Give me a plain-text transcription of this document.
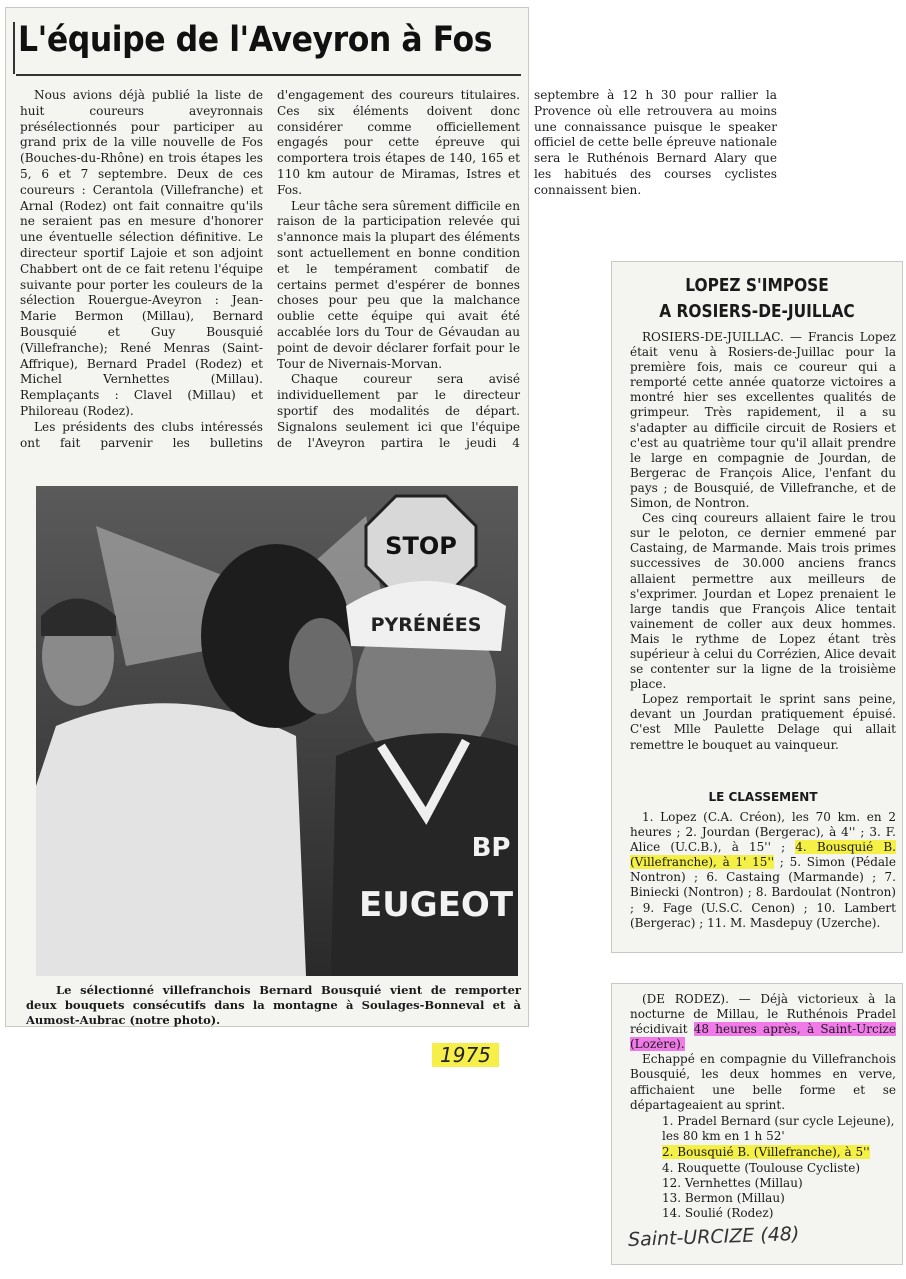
L'équipe de l'Aveyron à Fos

Nous avions déjà publié la liste de huit coureurs aveyronnais présélectionnés pour participer au grand prix de la ville nouvelle de Fos (Bouches-du-Rhône) en trois étapes les 5, 6 et 7 septembre. Deux de ces coureurs : Cerantola (Villefranche) et Arnal (Rodez) ont fait connaitre qu'ils ne seraient pas en mesure d'honorer une éventuelle sélection définitive. Le directeur sportif Lajoie et son adjoint Chabbert ont de ce fait retenu l'équipe suivante pour porter les couleurs de la sélection Rouergue-Aveyron : Jean-Marie Bermon (Millau), Bernard Bousquié et Guy Bousquié (Villefranche); René Menras (Saint-Affrique), Bernard Pradel (Rodez) et Michel Vernhettes (Millau). Remplaçants : Clavel (Millau) et Philoreau (Rodez).

Les présidents des clubs intéressés ont fait parvenir les bulletins d'engagement des coureurs titulaires. Ces six éléments doivent donc considérer comme officiellement engagés pour cette épreuve qui comportera trois étapes de 140, 165 et 110 km autour de Miramas, Istres et Fos.

Leur tâche sera sûrement difficile en raison de la participation relevée qui s'annonce mais la plupart des éléments sont actuellement en bonne condition et le tempérament combatif de certains permet d'espérer de bonnes choses pour peu que la malchance oublie cette équipe qui avait été accablée lors du Tour de Gévaudan au point de devoir déclarer forfait pour le Tour de Nivernais-Morvan.

Chaque coureur sera avisé individuellement par le directeur sportif des modalités de départ. Signalons seulement ici que l'équipe de l'Aveyron partira le jeudi 4 septembre à 12 h 30 pour rallier la Provence où elle retrouvera au moins une connaissance puisque le speaker officiel de cette belle épreuve nationale sera le Ruthénois Bernard Alary que les habitués des courses cyclistes connaissent bien.

STOP
PYRÉNÉES
BP
EUGEOT

Le sélectionné villefranchois Bernard Bousquié vient de remporter deux bouquets consécutifs dans la montagne à Soulages-Bonneval et à Aumost-Aubrac (notre photo).

LOPEZ S'IMPOSE
A ROSIERS-DE-JUILLAC

ROSIERS-DE-JUILLAC. — Francis Lopez était venu à Rosiers-de-Juillac pour la première fois, mais ce coureur qui a remporté cette année quatorze victoires a montré hier ses excellentes qualités de grimpeur. Très rapidement, il a su s'adapter au difficile circuit de Rosiers et c'est au quatrième tour qu'il allait prendre le large en compagnie de Jourdan, de Bergerac de François Alice, l'enfant du pays ; de Bousquié, de Villefranche, et de Simon, de Nontron.

Ces cinq coureurs allaient faire le trou sur le peloton, ce dernier emmené par Castaing, de Marmande. Mais trois primes successives de 30.000 anciens francs allaient permettre aux meilleurs de s'exprimer. Jourdan et Lopez prenaient le large tandis que François Alice tentait vainement de coller aux deux hommes. Mais le rythme de Lopez étant très supérieur à celui du Corrézien, Alice devait se contenter sur la ligne de la troisième place.

Lopez remportait le sprint sans peine, devant un Jourdan pratiquement épuisé. C'est Mlle Paulette Delage qui allait remettre le bouquet au vainqueur.

LE CLASSEMENT

1. Lopez (C.A. Créon), les 70 km. en 2 heures ; 2. Jourdan (Bergerac), à 4'' ; 3. F. Alice (U.C.B.), à 15'' ; 4. Bousquié B. (Villefranche), à 1' 15'' ; 5. Simon (Pédale Nontron) ; 6. Castaing (Marmande) ; 7. Biniecki (Nontron) ; 8. Bardoulat (Nontron) ; 9. Fage (U.S.C. Cenon) ; 10. Lambert (Bergerac) ; 11. M. Masdepuy (Uzerche).

1975

(DE RODEZ). — Déjà victorieux à la nocturne de Millau, le Ruthénois Pradel récidivait 48 heures après, à Saint-Urcize (Lozère).

Echappé en compagnie du Villefranchois Bousquié, les deux hommes en verve, affichaient une belle forme et se départageaient au sprint.

1. Pradel Bernard (sur cycle Lejeune), les 80 km en 1 h 52'
2. Bousquié B. (Villefranche), à 5''
4. Rouquette (Toulouse Cycliste)
12. Vernhettes (Millau)
13. Bermon (Millau)
14. Soulié (Rodez)
Saint-URCIZE (48)
